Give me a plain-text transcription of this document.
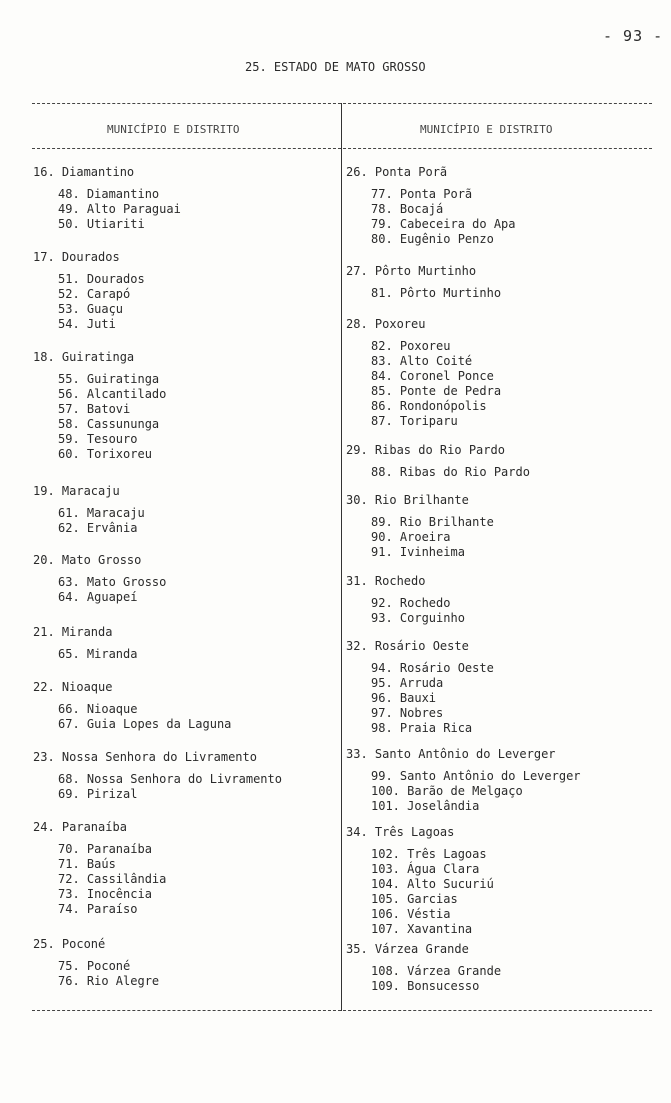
- 93 -
25. ESTADO DE MATO GROSSO
MUNICÍPIO E DISTRITO	MUNICÍPIO E DISTRITO
16. Diamantino
48. Diamantino
49. Alto Paraguai
50. Utiariti
17. Dourados
51. Dourados
52. Carapó
53. Guaçu
54. Juti
18. Guiratinga
55. Guiratinga
56. Alcantilado
57. Batovi
58. Cassununga
59. Tesouro
60. Torixoreu
19. Maracaju
61. Maracaju
62. Ervânia
20. Mato Grosso
63. Mato Grosso
64. Aguapeí
21. Miranda
65. Miranda
22. Nioaque
66. Nioaque
67. Guia Lopes da Laguna
23. Nossa Senhora do Livramento
68. Nossa Senhora do Livramento
69. Pirizal
24. Paranaíba
70. Paranaíba
71. Baús
72. Cassilândia
73. Inocência
74. Paraíso
25. Poconé
75. Poconé
76. Rio Alegre
26. Ponta Porã
77. Ponta Porã
78. Bocajá
79. Cabeceira do Apa
80. Eugênio Penzo
27. Pôrto Murtinho
81. Pôrto Murtinho
28. Poxoreu
82. Poxoreu
83. Alto Coité
84. Coronel Ponce
85. Ponte de Pedra
86. Rondonópolis
87. Toriparu
29. Ribas do Rio Pardo
88. Ribas do Rio Pardo
30. Rio Brilhante
89. Rio Brilhante
90. Aroeira
91. Ivinheima
31. Rochedo
92. Rochedo
93. Corguinho
32. Rosário Oeste
94. Rosário Oeste
95. Arruda
96. Bauxi
97. Nobres
98. Praia Rica
33. Santo Antônio do Leverger
99. Santo Antônio do Leverger
100. Barão de Melgaço
101. Joselândia
34. Três Lagoas
102. Três Lagoas
103. Água Clara
104. Alto Sucuriú
105. Garcias
106. Véstia
107. Xavantina
35. Várzea Grande
108. Várzea Grande
109. Bonsucesso
